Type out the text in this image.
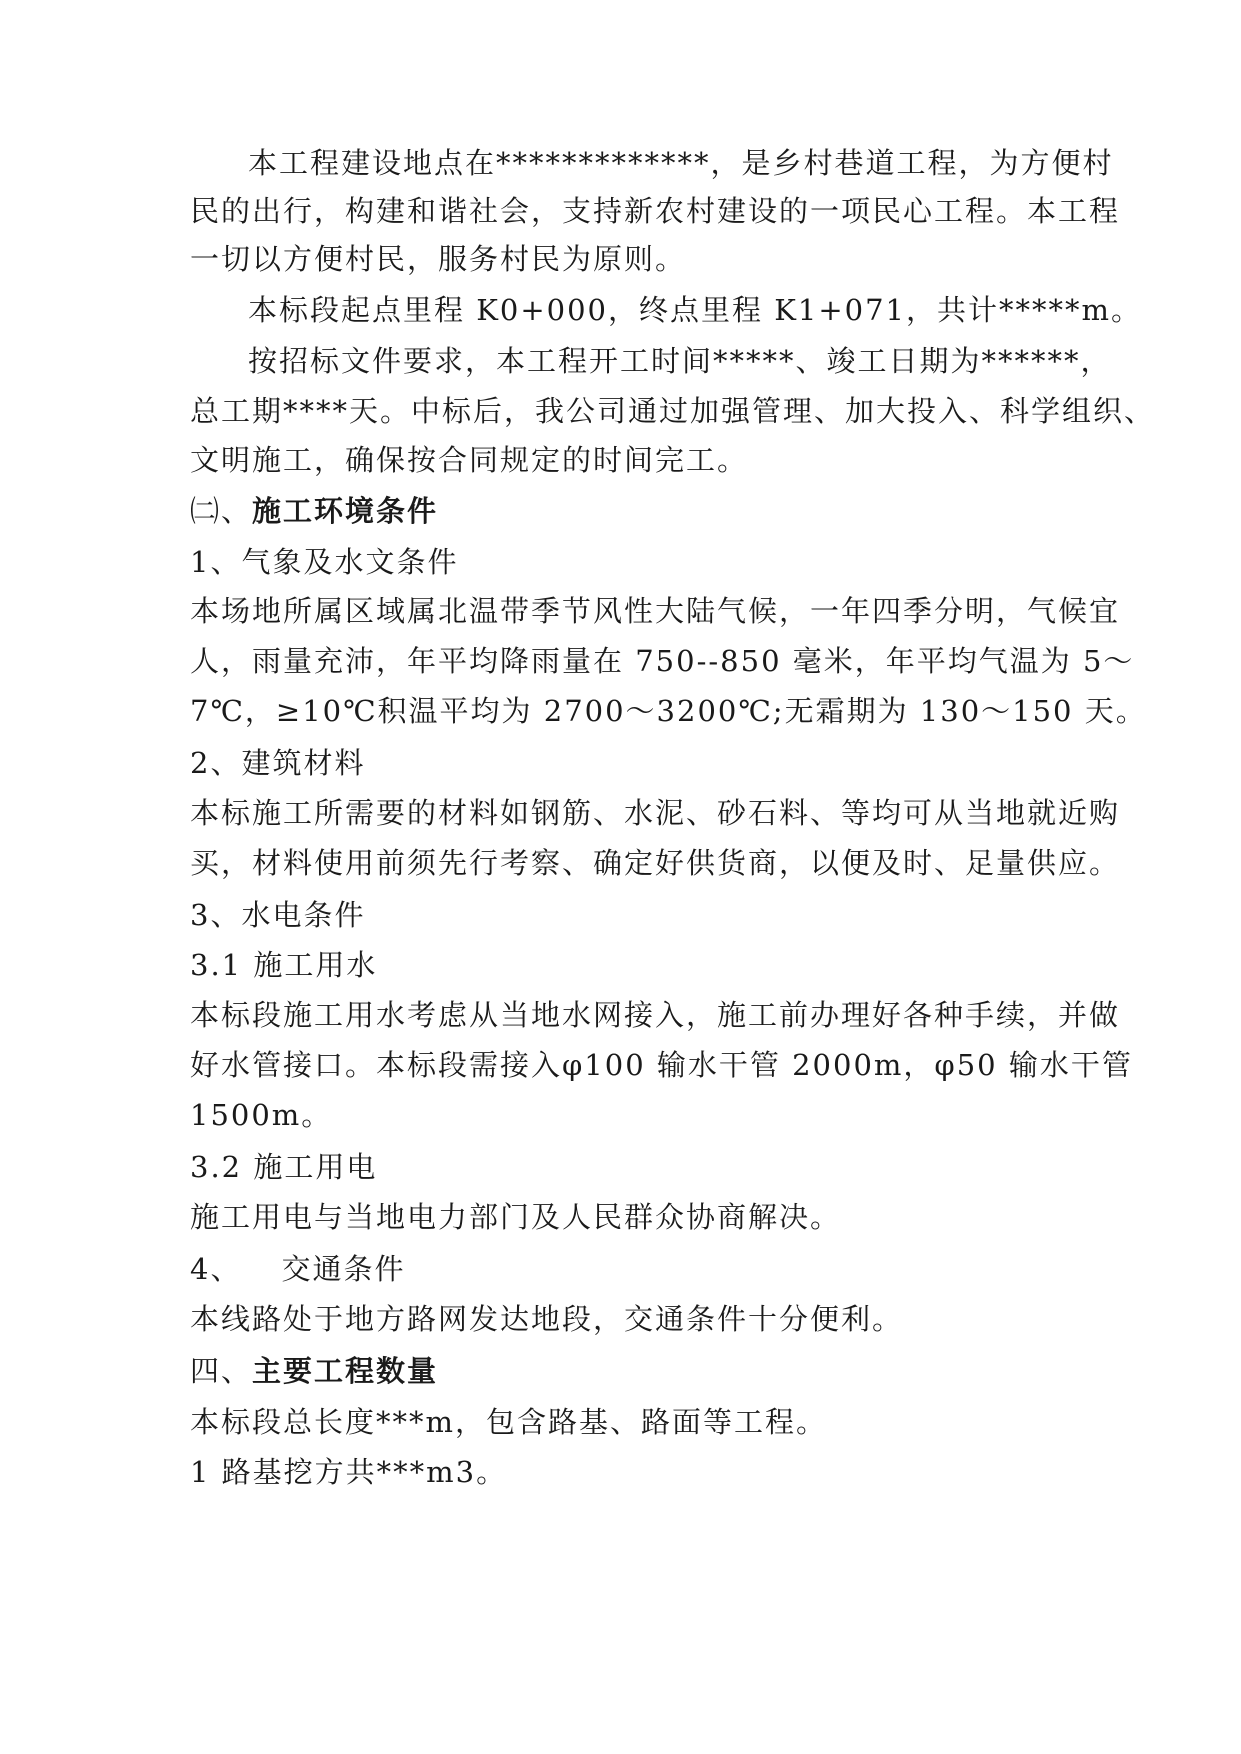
本工程建设地点在*************，是乡村巷道工程，为方便村

民的出行，构建和谐社会，支持新农村建设的一项民心工程。本工程

一切以方便村民，服务村民为原则。

本标段起点里程 K0+000，终点里程 K1+071，共计*****m。

按招标文件要求，本工程开工时间*****、竣工日期为******，

总工期****天。中标后，我公司通过加强管理、加大投入、科学组织、

文明施工，确保按合同规定的时间完工。

㈡、施工环境条件

1、气象及水文条件

本场地所属区域属北温带季节风性大陆气候，一年四季分明，气候宜

人，雨量充沛，年平均降雨量在 750--850 毫米，年平均气温为 5～

7℃，≥10℃积温平均为 2700～3200℃;无霜期为 130～150 天。

2、建筑材料

本标施工所需要的材料如钢筋、水泥、砂石料、等均可从当地就近购

买，材料使用前须先行考察、确定好供货商，以便及时、足量供应。

3、水电条件

3.1 施工用水

本标段施工用水考虑从当地水网接入，施工前办理好各种手续，并做

好水管接口。本标段需接入φ100 输水干管 2000m，φ50 输水干管

1500m。

3.2 施工用电

施工用电与当地电力部门及人民群众协商解决。

4、 交通条件

本线路处于地方路网发达地段，交通条件十分便利。

四、主要工程数量

本标段总长度***m，包含路基、路面等工程。

1 路基挖方共***m3。
